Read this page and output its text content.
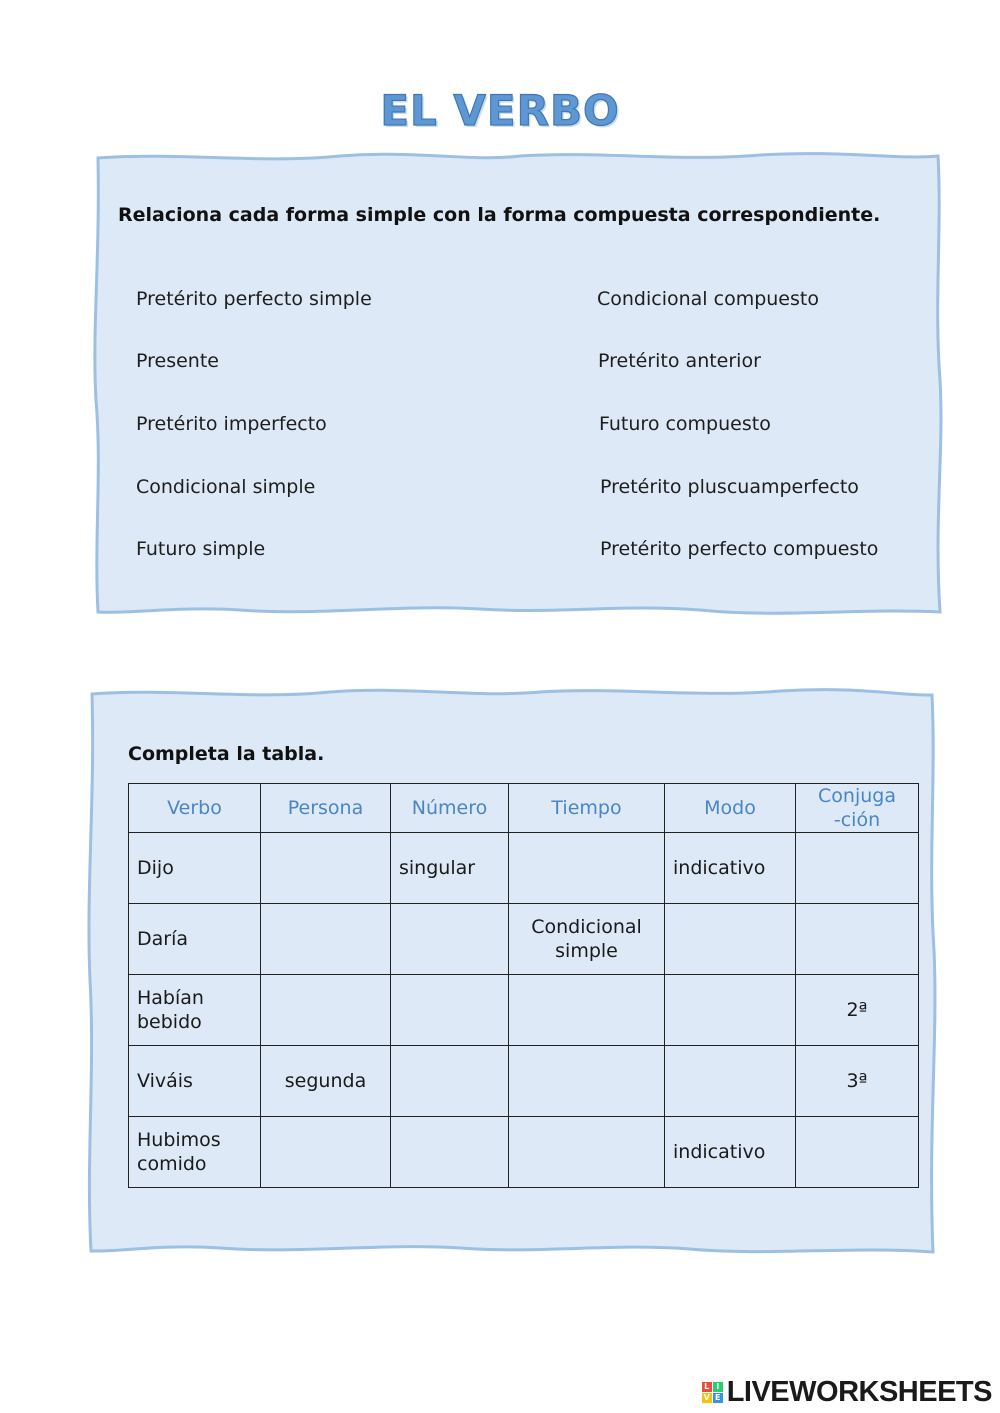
EL VERBO
Relaciona cada forma simple con la forma compuesta correspondiente.
Pretérito perfecto simple
Presente
Pretérito imperfecto
Condicional simple
Futuro simple
Condicional compuesto
Pretérito anterior
Futuro compuesto
Pretérito pluscuamperfecto
Pretérito perfecto compuesto
Completa la tabla.
Verbo	Persona	Número	Tiempo	Modo	Conjuga
-ción
Dijo		singular		indicativo	
Daría			Condicional simple		
Habían bebido					2ª
Viváis	segunda				3ª
Hubimos comido				indicativo	
L I
V E LIVEWORKSHEETS
